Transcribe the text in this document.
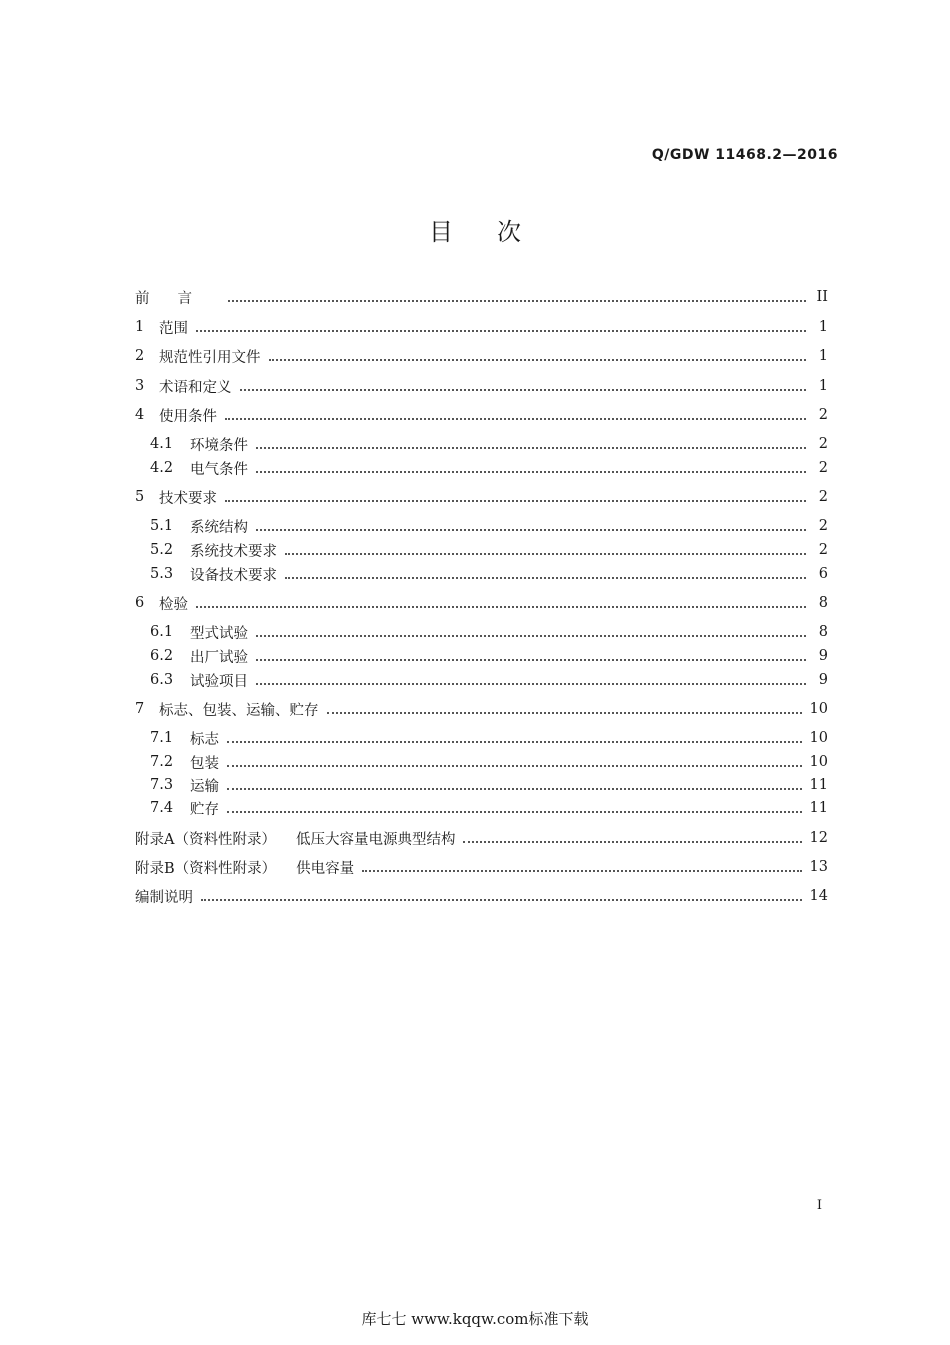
Q/GDW 11468.2—2016
目次
前言	II
1	范围	1
2	规范性引用文件	1
3	术语和定义	1
4	使用条件	2
4.1	环境条件	2
4.2	电气条件	2
5	技术要求	2
5.1	系统结构	2
5.2	系统技术要求	2
5.3	设备技术要求	6
6	检验	8
6.1	型式试验	8
6.2	出厂试验	9
6.3	试验项目	9
7	标志、包装、运输、贮存	10
7.1	标志	10
7.2	包装	10
7.3	运输	11
7.4	贮存	11
附录A（资料性附录） 低压大容量电源典型结构	12
附录B（资料性附录） 供电容量	13
编制说明	14
I
库七七 www.kqqw.com标准下载
